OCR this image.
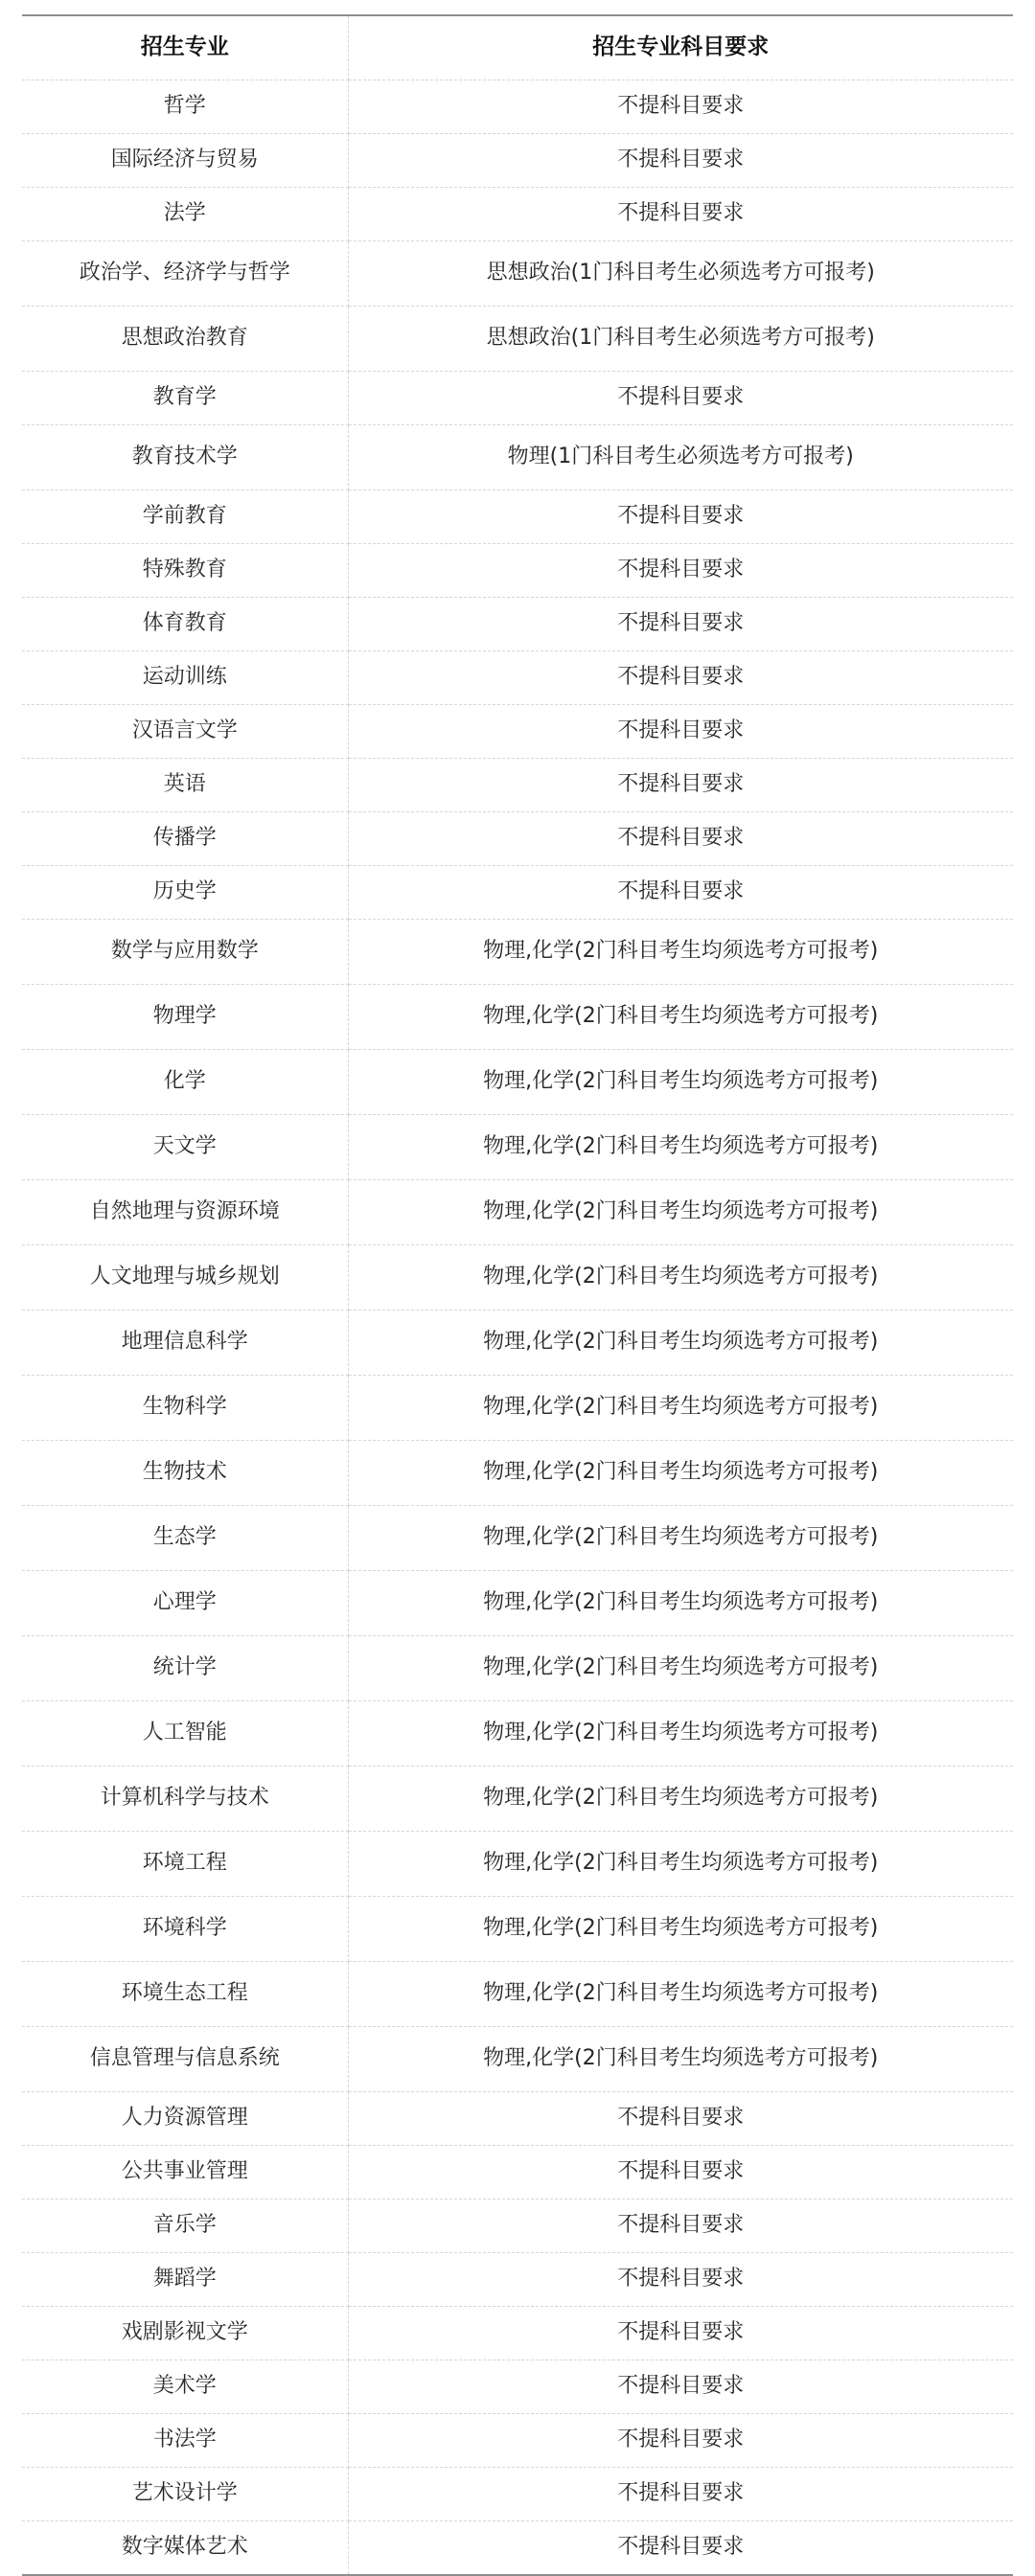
招生专业	招生专业科目要求
哲学	不提科目要求
国际经济与贸易	不提科目要求
法学	不提科目要求
政治学、经济学与哲学	思想政治(1门科目考生必须选考方可报考)
思想政治教育	思想政治(1门科目考生必须选考方可报考)
教育学	不提科目要求
教育技术学	物理(1门科目考生必须选考方可报考)
学前教育	不提科目要求
特殊教育	不提科目要求
体育教育	不提科目要求
运动训练	不提科目要求
汉语言文学	不提科目要求
英语	不提科目要求
传播学	不提科目要求
历史学	不提科目要求
数学与应用数学	物理,化学(2门科目考生均须选考方可报考)
物理学	物理,化学(2门科目考生均须选考方可报考)
化学	物理,化学(2门科目考生均须选考方可报考)
天文学	物理,化学(2门科目考生均须选考方可报考)
自然地理与资源环境	物理,化学(2门科目考生均须选考方可报考)
人文地理与城乡规划	物理,化学(2门科目考生均须选考方可报考)
地理信息科学	物理,化学(2门科目考生均须选考方可报考)
生物科学	物理,化学(2门科目考生均须选考方可报考)
生物技术	物理,化学(2门科目考生均须选考方可报考)
生态学	物理,化学(2门科目考生均须选考方可报考)
心理学	物理,化学(2门科目考生均须选考方可报考)
统计学	物理,化学(2门科目考生均须选考方可报考)
人工智能	物理,化学(2门科目考生均须选考方可报考)
计算机科学与技术	物理,化学(2门科目考生均须选考方可报考)
环境工程	物理,化学(2门科目考生均须选考方可报考)
环境科学	物理,化学(2门科目考生均须选考方可报考)
环境生态工程	物理,化学(2门科目考生均须选考方可报考)
信息管理与信息系统	物理,化学(2门科目考生均须选考方可报考)
人力资源管理	不提科目要求
公共事业管理	不提科目要求
音乐学	不提科目要求
舞蹈学	不提科目要求
戏剧影视文学	不提科目要求
美术学	不提科目要求
书法学	不提科目要求
艺术设计学	不提科目要求
数字媒体艺术	不提科目要求
